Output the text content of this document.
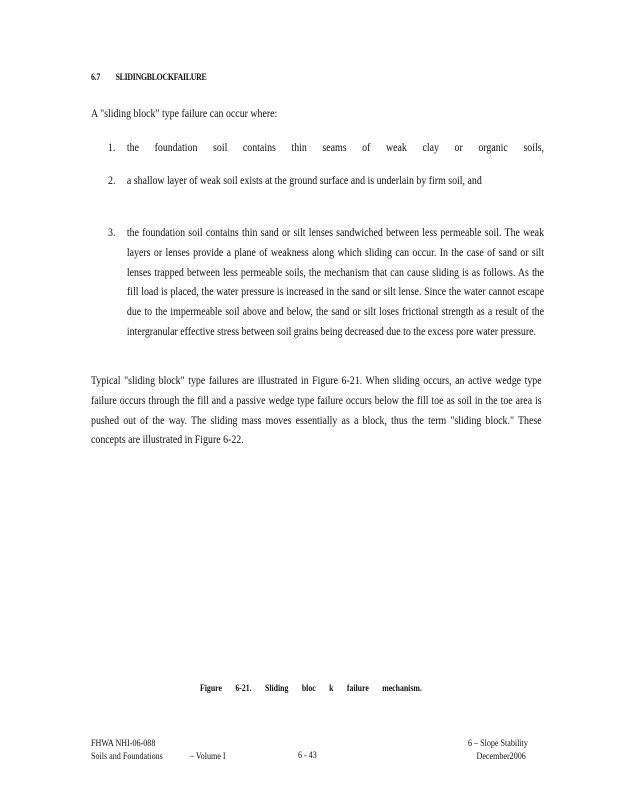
6.7 SLIDINGBLOCKFAILURE
A "sliding block" type failure can occur where:
1. the foundation soil contains thin seams of weak clay or organic soils,
2. a shallow layer of weak soil exists at the ground surface and is underlain by firm soil, and
3. the foundation soil contains thin sand or silt lenses sandwiched between less permeable soil. The weak layers or lenses provide a plane of weakness along which sliding can occur. In the case of sand or silt lenses trapped between less permeable soils, the mechanism that can cause sliding is as follows. As the fill load is placed, the water pressure is increased in the sand or silt lense. Since the water cannot escape due to the impermeable soil above and below, the sand or silt loses frictional strength as a result of the intergranular effective stress between soil grains being decreased due to the excess pore water pressure.
Typical "sliding block" type failures are illustrated in Figure 6-21. When sliding occurs, an active wedge type failure occurs through the fill and a passive wedge type failure occurs below the fill toe as soil in the toe area is pushed out of the way. The sliding mass moves essentially as a block, thus the term "sliding block." These concepts are illustrated in Figure 6-22.
Figure 6-21. Sliding bloc k failure mechanism.
FHWA NHI-06-088
Soils and Foundations	– Volume I	6 - 43
6 – Slope Stability
December2006
